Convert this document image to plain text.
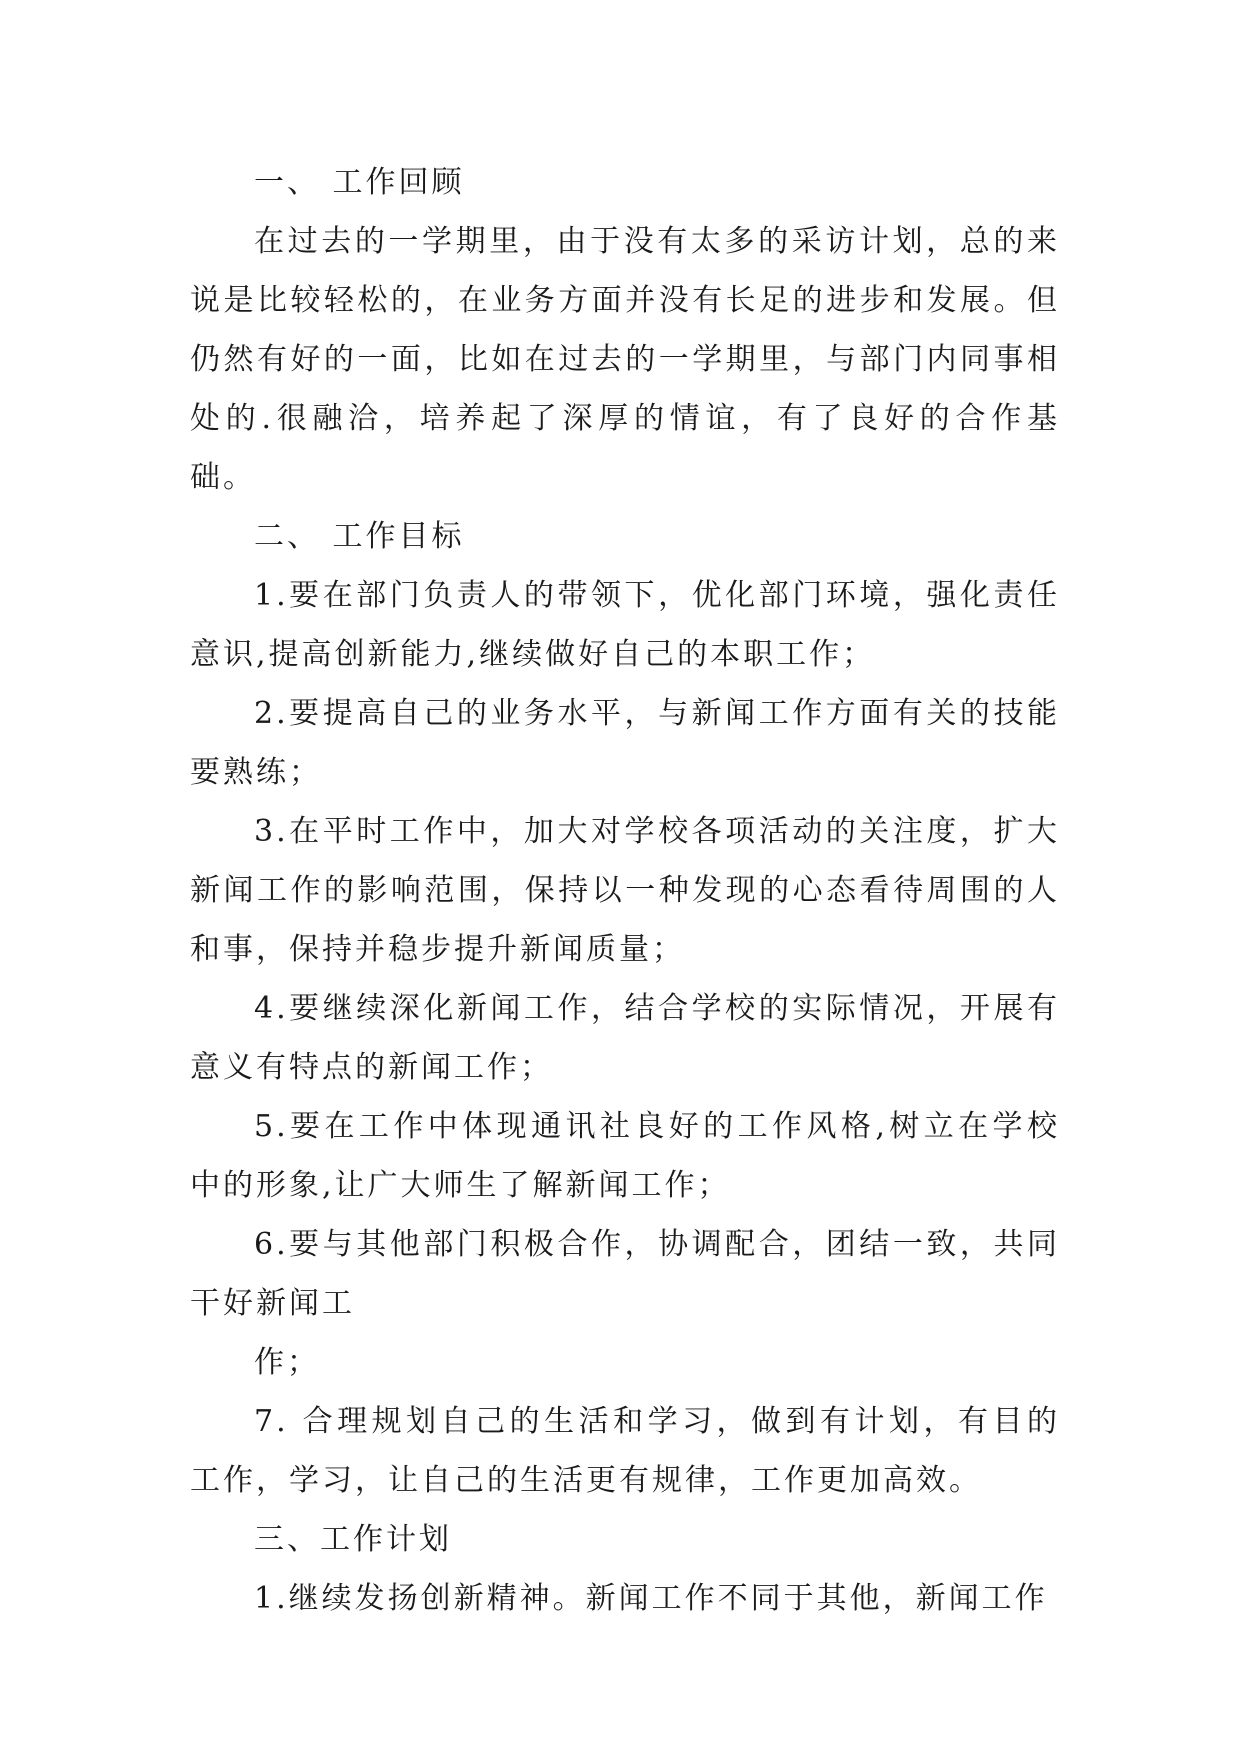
一、 工作回顾

在过去的一学期里，由于没有太多的采访计划，总的来说是比较轻松的，在业务方面并没有长足的进步和发展。但仍然有好的一面，比如在过去的一学期里，与部门内同事相处的.很融洽，培养起了深厚的情谊，有了良好的合作基础。

二、 工作目标

1.要在部门负责人的带领下，优化部门环境，强化责任意识,提高创新能力,继续做好自己的本职工作；

2.要提高自己的业务水平，与新闻工作方面有关的技能要熟练；

3.在平时工作中，加大对学校各项活动的关注度，扩大新闻工作的影响范围，保持以一种发现的心态看待周围的人和事，保持并稳步提升新闻质量；

4.要继续深化新闻工作，结合学校的实际情况，开展有意义有特点的新闻工作；

5.要在工作中体现通讯社良好的工作风格,树立在学校中的形象,让广大师生了解新闻工作；

6.要与其他部门积极合作，协调配合，团结一致，共同干好新闻工

作；

7. 合理规划自己的生活和学习，做到有计划，有目的工作，学习，让自己的生活更有规律，工作更加高效。

三、工作计划

1.继续发扬创新精神。新闻工作不同于其他，新闻工作
